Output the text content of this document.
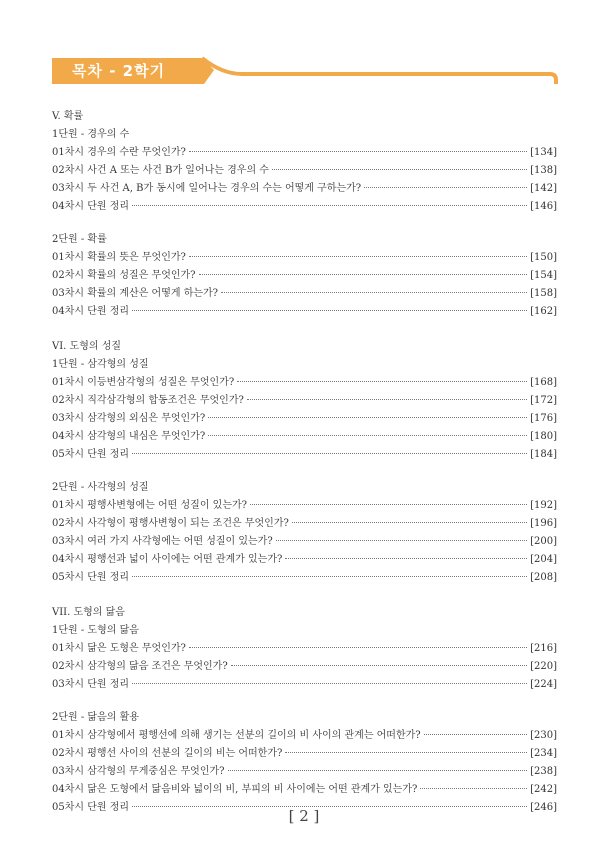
목차 - 2학기
V. 확률
1단원 - 경우의 수
01차시 경우의 수란 무엇인가?	[134]
02차시 사건 A 또는 사건 B가 일어나는 경우의 수	[138]
03차시 두 사건 A, B가 동시에 일어나는 경우의 수는 어떻게 구하는가?	[142]
04차시 단원 정리	[146]
2단원 - 확률
01차시 확률의 뜻은 무엇인가?	[150]
02차시 확률의 성질은 무엇인가?	[154]
03차시 확률의 계산은 어떻게 하는가?	[158]
04차시 단원 정리	[162]
VI. 도형의 성질
1단원 - 삼각형의 성질
01차시 이등변삼각형의 성질은 무엇인가?	[168]
02차시 직각삼각형의 합동조건은 무엇인가?	[172]
03차시 삼각형의 외심은 무엇인가?	[176]
04차시 삼각형의 내심은 무엇인가?	[180]
05차시 단원 정리	[184]
2단원 - 사각형의 성질
01차시 평행사변형에는 어떤 성질이 있는가?	[192]
02차시 사각형이 평행사변형이 되는 조건은 무엇인가?	[196]
03차시 여러 가지 사각형에는 어떤 성질이 있는가?	[200]
04차시 평행선과 넓이 사이에는 어떤 관계가 있는가?	[204]
05차시 단원 정리	[208]
VII. 도형의 닮음
1단원 - 도형의 닮음
01차시 닮은 도형은 무엇인가?	[216]
02차시 삼각형의 닮음 조건은 무엇인가?	[220]
03차시 단원 정리	[224]
2단원 - 닮음의 활용
01차시 삼각형에서 평행선에 의해 생기는 선분의 길이의 비 사이의 관계는 어떠한가?	[230]
02차시 평행선 사이의 선분의 길이의 비는 어떠한가?	[234]
03차시 삼각형의 무게중심은 무엇인가?	[238]
04차시 닮은 도형에서 닮음비와 넓이의 비, 부피의 비 사이에는 어떤 관계가 있는가?	[242]
05차시 단원 정리	[246]
[ 2 ]
